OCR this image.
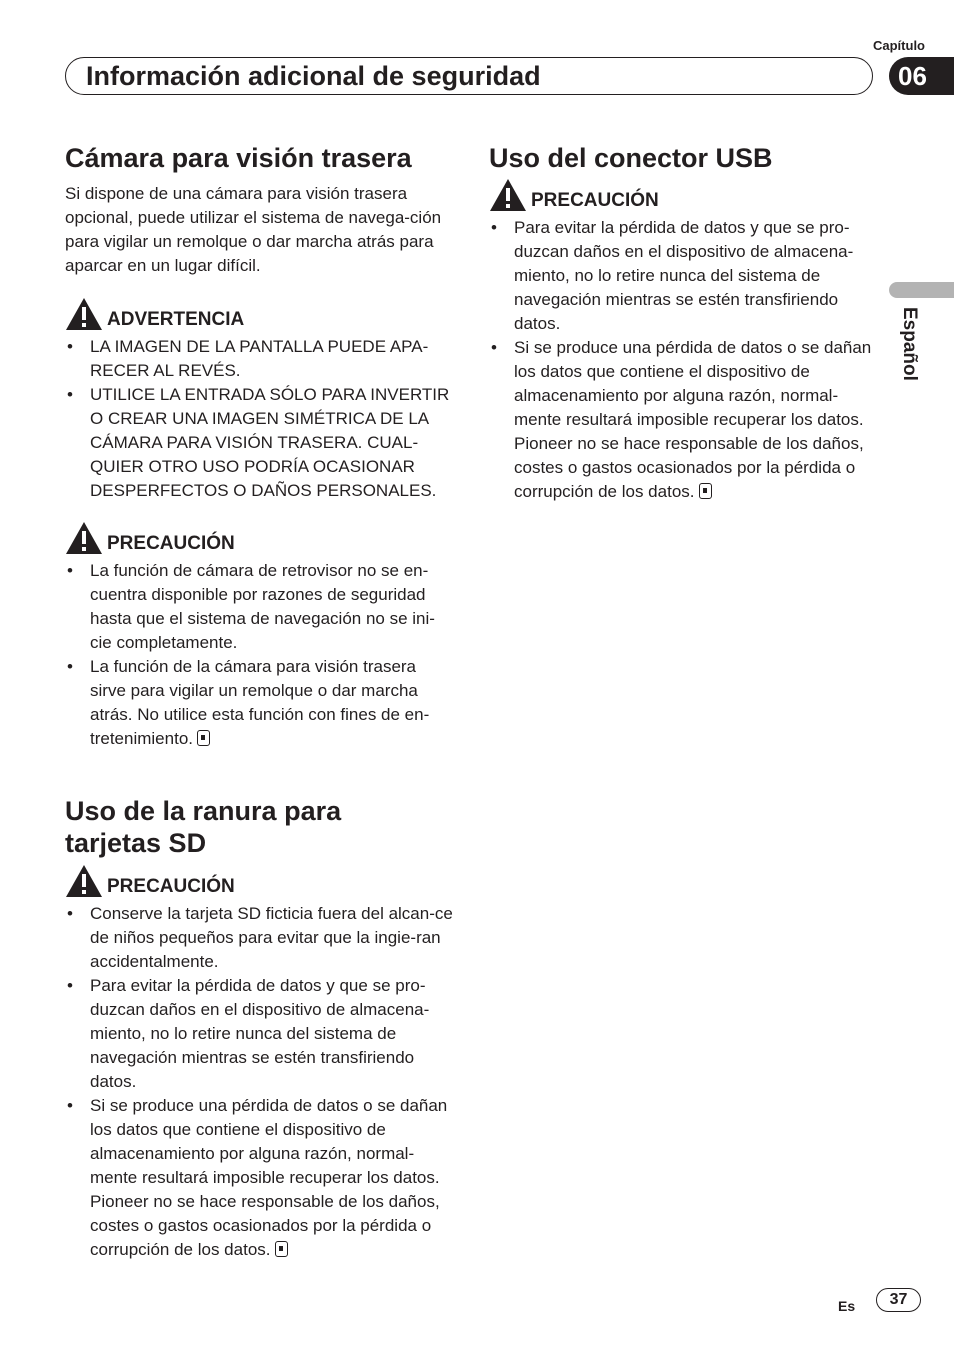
Capítulo
Información adicional de seguridad	06
Español
Cámara para visión trasera

Si dispone de una cámara para visión trasera opcional, puede utilizar el sistema de navega-ción para vigilar un remolque o dar marcha atrás para aparcar en un lugar difícil.

ADVERTENCIA
• LA IMAGEN DE LA PANTALLA PUEDE APA-RECER AL REVÉS.
• UTILICE LA ENTRADA SÓLO PARA INVERTIR O CREAR UNA IMAGEN SIMÉTRICA DE LA CÁMARA PARA VISIÓN TRASERA. CUAL-QUIER OTRO USO PODRÍA OCASIONAR DESPERFECTOS O DAÑOS PERSONALES.
PRECAUCIÓN
• La función de cámara de retrovisor no se en-cuentra disponible por razones de seguridad hasta que el sistema de navegación no se ini-cie completamente.
• La función de la cámara para visión trasera sirve para vigilar un remolque o dar marcha atrás. No utilice esta función con fines de en-tretenimiento.
Uso de la ranura para
tarjetas SD
PRECAUCIÓN
• Conserve la tarjeta SD ficticia fuera del alcan-ce de niños pequeños para evitar que la ingie-ran accidentalmente.
• Para evitar la pérdida de datos y que se pro-duzcan daños en el dispositivo de almacena-miento, no lo retire nunca del sistema de navegación mientras se estén transfiriendo datos.
• Si se produce una pérdida de datos o se dañan los datos que contiene el dispositivo de almacenamiento por alguna razón, normal-mente resultará imposible recuperar los datos. Pioneer no se hace responsable de los daños, costes o gastos ocasionados por la pérdida o corrupción de los datos.
Uso del conector USB
PRECAUCIÓN
• Para evitar la pérdida de datos y que se pro-duzcan daños en el dispositivo de almacena-miento, no lo retire nunca del sistema de navegación mientras se estén transfiriendo datos.
• Si se produce una pérdida de datos o se dañan los datos que contiene el dispositivo de almacenamiento por alguna razón, normal-mente resultará imposible recuperar los datos. Pioneer no se hace responsable de los daños, costes o gastos ocasionados por la pérdida o corrupción de los datos.
Es	37
